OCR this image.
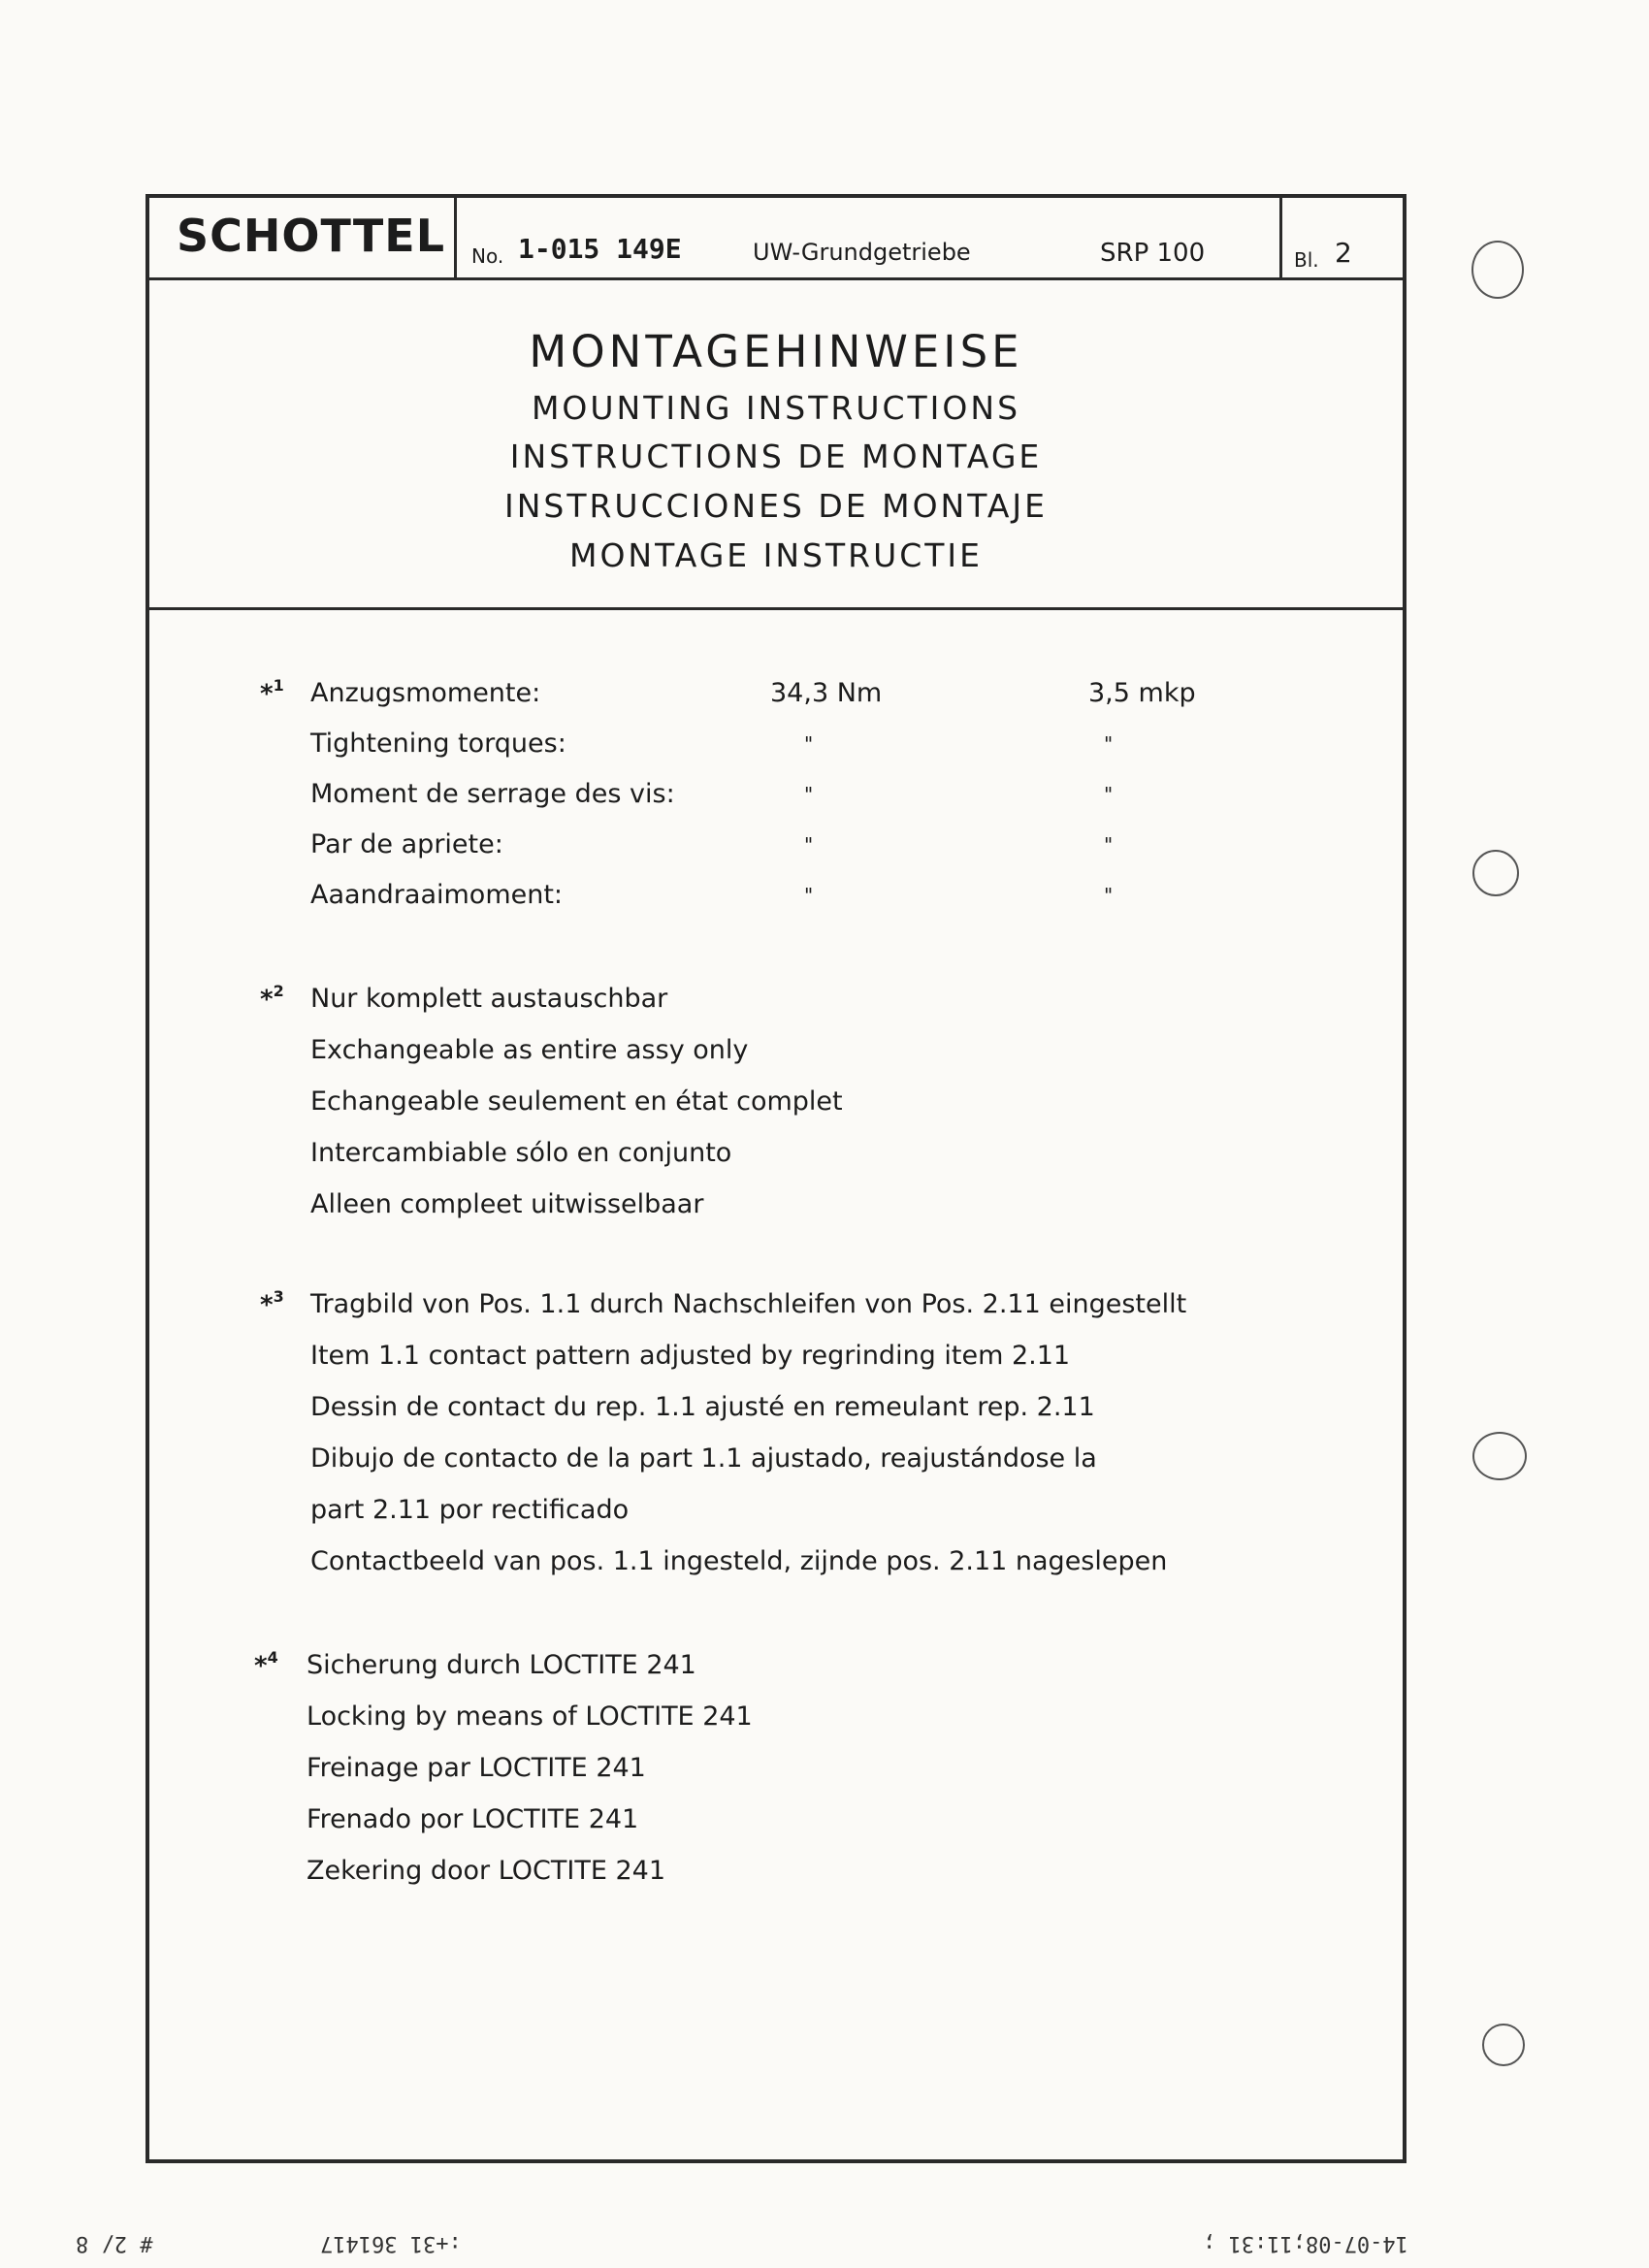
SCHOTTEL No. 1-015 149E	UW-Grundgetriebe	SRP 100	Bl. 2
MONTAGEHINWEISE
MOUNTING INSTRUCTIONS
INSTRUCTIONS DE MONTAGE
INSTRUCCIONES DE MONTAJE
MONTAGE INSTRUCTIE
*$^1$ Anzugsmomente:	34,3 Nm	3,5 mkp
Tightening torques:	"	"
Moment de serrage des vis:	"	"
Par de apriete:	"	"
Aaandraaimoment:	"	"
*$^2$ Nur komplett austauschbar
Exchangeable as entire assy only
Echangeable seulement en état complet
Intercambiable sólo en conjunto
Alleen compleet uitwisselbaar
*$^3$ Tragbild von Pos. 1.1 durch Nachschleifen von Pos. 2.11 eingestellt
Item 1.1 contact pattern adjusted by regrinding item 2.11
Dessin de contact du rep. 1.1 ajusté en remeulant rep. 2.11
Dibujo de contacto de la part 1.1 ajustado, reajustándose la
part 2.11 por rectificado
Contactbeeld van pos. 1.1 ingesteld, zijnde pos. 2.11 nageslepen
*$^4$ Sicherung durch LOCTITE 241
Locking by means of LOCTITE 241
Freinage par LOCTITE 241
Frenado por LOCTITE 241
Zekering door LOCTITE 241
# 2/ 8	:+31 361417	14-07-08;11:31 ;
